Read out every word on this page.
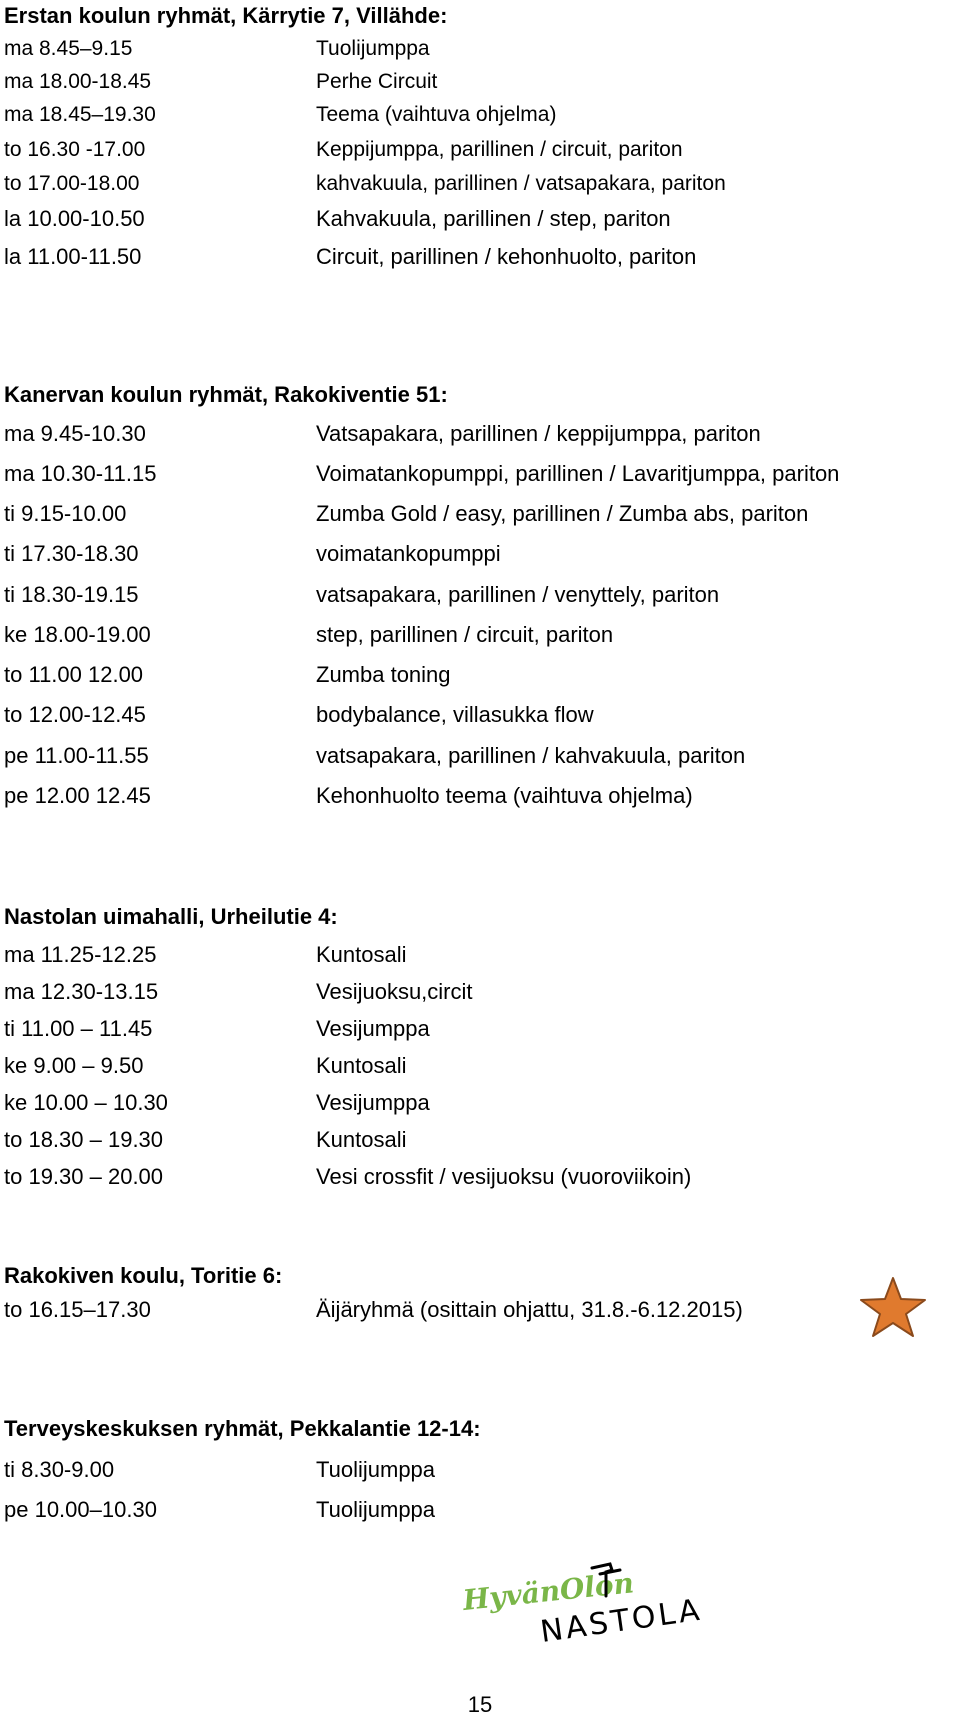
Erstan koulun ryhmät, Kärrytie 7, Villähde:
ma 8.45–9.15	Tuolijumppa
ma 18.00-18.45	Perhe Circuit
ma 18.45–19.30	Teema (vaihtuva ohjelma)
to 16.30 -17.00	Keppijumppa, parillinen / circuit, pariton
to 17.00-18.00	kahvakuula, parillinen / vatsapakara, pariton
la 10.00-10.50	Kahvakuula, parillinen / step, pariton
la 11.00-11.50	Circuit, parillinen / kehonhuolto, pariton
Kanervan koulun ryhmät, Rakokiventie 51:
ma 9.45-10.30	Vatsapakara, parillinen / keppijumppa, pariton
ma 10.30-11.15	Voimatankopumppi, parillinen / Lavaritjumppa, pariton
ti 9.15-10.00	Zumba Gold / easy, parillinen / Zumba abs, pariton
ti 17.30-18.30	voimatankopumppi
ti 18.30-19.15	vatsapakara, parillinen / venyttely, pariton
ke 18.00-19.00	step, parillinen / circuit, pariton
to 11.00 12.00	Zumba toning
to 12.00-12.45	bodybalance, villasukka flow
pe 11.00-11.55	vatsapakara, parillinen / kahvakuula, pariton
pe 12.00 12.45	Kehonhuolto teema (vaihtuva ohjelma)
Nastolan uimahalli, Urheilutie 4:
ma 11.25-12.25	Kuntosali
ma 12.30-13.15	Vesijuoksu,circit
ti 11.00 – 11.45	Vesijumppa
ke 9.00 – 9.50	Kuntosali
ke 10.00 – 10.30	Vesijumppa
to 18.30 – 19.30	Kuntosali
to 19.30 – 20.00	Vesi crossfit / vesijuoksu (vuoroviikoin)
Rakokiven koulu, Toritie 6:
to 16.15–17.30	Äijäryhmä (osittain ohjattu, 31.8.-6.12.2015)
Terveyskeskuksen ryhmät, Pekkalantie 12-14:
ti 8.30-9.00	Tuolijumppa
pe 10.00–10.30	Tuolijumppa
HyvänOlon
NASTOLA
15
